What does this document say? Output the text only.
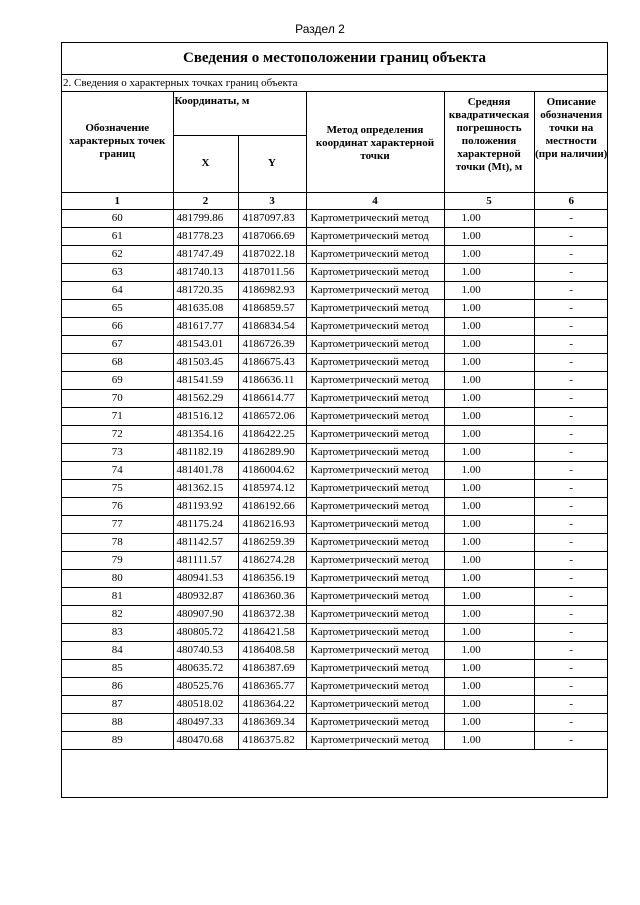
Раздел 2
Сведения о местоположении границ объекта
2. Сведения о характерных точках границ объекта
Обозначение характерных точек границ	Координаты, м		Метод определения координат характерной точки	Средняя квадратическая погрешность положения характерной точки (Mt), м	Описание обозначения точки на местности (при наличии)
	X	Y			
1	2	3	4	5	6
60	481799.86	4187097.83	Картометрический метод	1.00	-
61	481778.23	4187066.69	Картометрический метод	1.00	-
62	481747.49	4187022.18	Картометрический метод	1.00	-
63	481740.13	4187011.56	Картометрический метод	1.00	-
64	481720.35	4186982.93	Картометрический метод	1.00	-
65	481635.08	4186859.57	Картометрический метод	1.00	-
66	481617.77	4186834.54	Картометрический метод	1.00	-
67	481543.01	4186726.39	Картометрический метод	1.00	-
68	481503.45	4186675.43	Картометрический метод	1.00	-
69	481541.59	4186636.11	Картометрический метод	1.00	-
70	481562.29	4186614.77	Картометрический метод	1.00	-
71	481516.12	4186572.06	Картометрический метод	1.00	-
72	481354.16	4186422.25	Картометрический метод	1.00	-
73	481182.19	4186289.90	Картометрический метод	1.00	-
74	481401.78	4186004.62	Картометрический метод	1.00	-
75	481362.15	4185974.12	Картометрический метод	1.00	-
76	481193.92	4186192.66	Картометрический метод	1.00	-
77	481175.24	4186216.93	Картометрический метод	1.00	-
78	481142.57	4186259.39	Картометрический метод	1.00	-
79	481111.57	4186274.28	Картометрический метод	1.00	-
80	480941.53	4186356.19	Картометрический метод	1.00	-
81	480932.87	4186360.36	Картометрический метод	1.00	-
82	480907.90	4186372.38	Картометрический метод	1.00	-
83	480805.72	4186421.58	Картометрический метод	1.00	-
84	480740.53	4186408.58	Картометрический метод	1.00	-
85	480635.72	4186387.69	Картометрический метод	1.00	-
86	480525.76	4186365.77	Картометрический метод	1.00	-
87	480518.02	4186364.22	Картометрический метод	1.00	-
88	480497.33	4186369.34	Картометрический метод	1.00	-
89	480470.68	4186375.82	Картометрический метод	1.00	-
